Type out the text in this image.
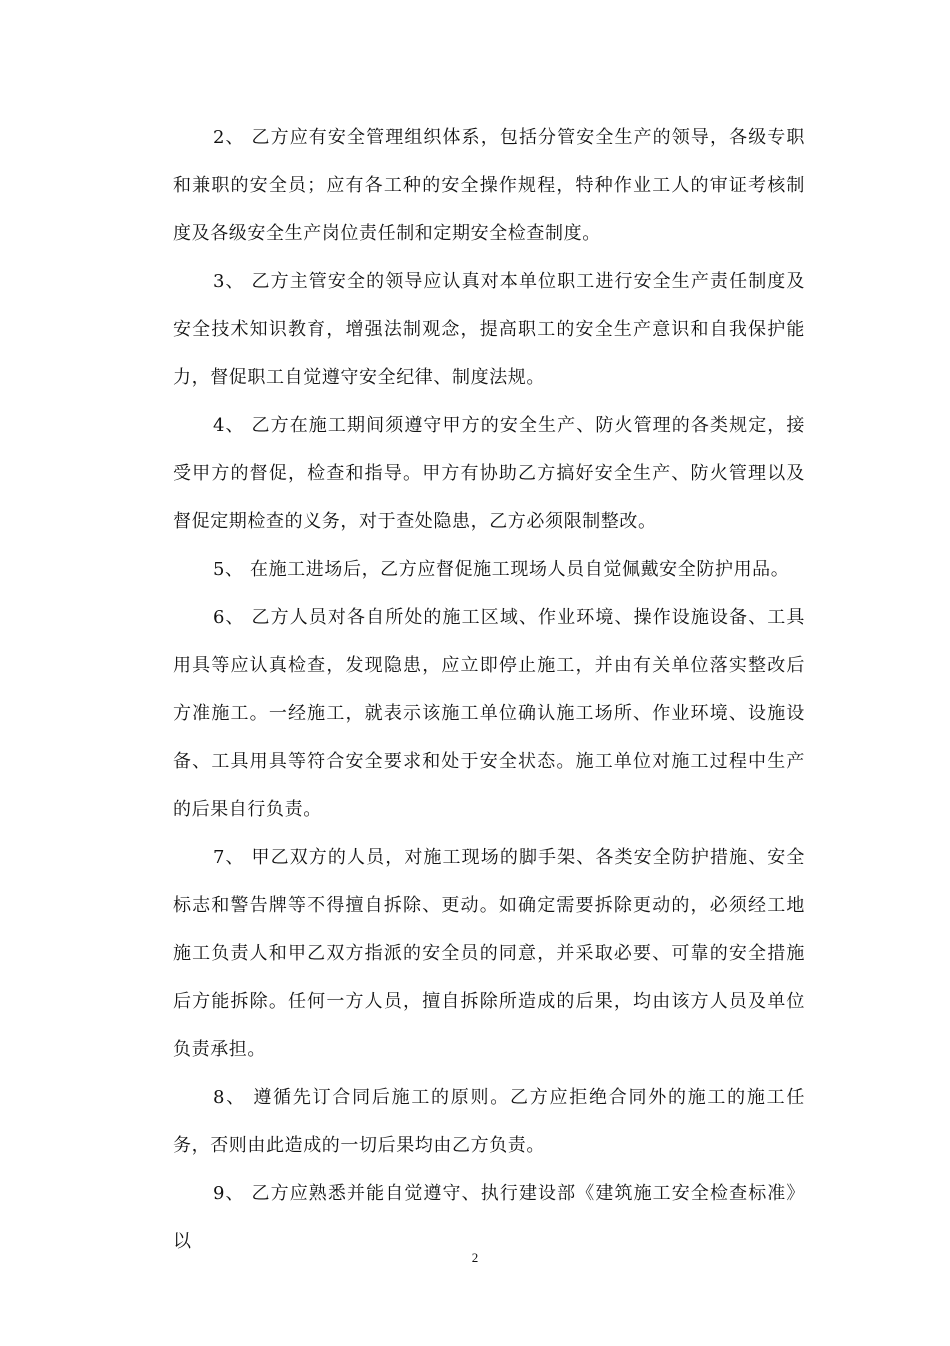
2、 乙方应有安全管理组织体系，包括分管安全生产的领导，各级专职和兼职的安全员；应有各工种的安全操作规程，特种作业工人的审证考核制度及各级安全生产岗位责任制和定期安全检查制度。

3、 乙方主管安全的领导应认真对本单位职工进行安全生产责任制度及安全技术知识教育，增强法制观念，提高职工的安全生产意识和自我保护能力，督促职工自觉遵守安全纪律、制度法规。

4、 乙方在施工期间须遵守甲方的安全生产、防火管理的各类规定，接受甲方的督促，检查和指导。甲方有协助乙方搞好安全生产、防火管理以及督促定期检查的义务，对于查处隐患，乙方必须限制整改。

5、 在施工进场后，乙方应督促施工现场人员自觉佩戴安全防护用品。

6、 乙方人员对各自所处的施工区域、作业环境、操作设施设备、工具用具等应认真检查，发现隐患，应立即停止施工，并由有关单位落实整改后方准施工。一经施工，就表示该施工单位确认施工场所、作业环境、设施设备、工具用具等符合安全要求和处于安全状态。施工单位对施工过程中生产的后果自行负责。

7、 甲乙双方的人员，对施工现场的脚手架、各类安全防护措施、安全标志和警告牌等不得擅自拆除、更动。如确定需要拆除更动的，必须经工地施工负责人和甲乙双方指派的安全员的同意，并采取必要、可靠的安全措施后方能拆除。任何一方人员，擅自拆除所造成的后果，均由该方人员及单位负责承担。

8、 遵循先订合同后施工的原则。乙方应拒绝合同外的施工的施工任务，否则由此造成的一切后果均由乙方负责。

9、 乙方应熟悉并能自觉遵守、执行建设部《建筑施工安全检查标准》以

2
